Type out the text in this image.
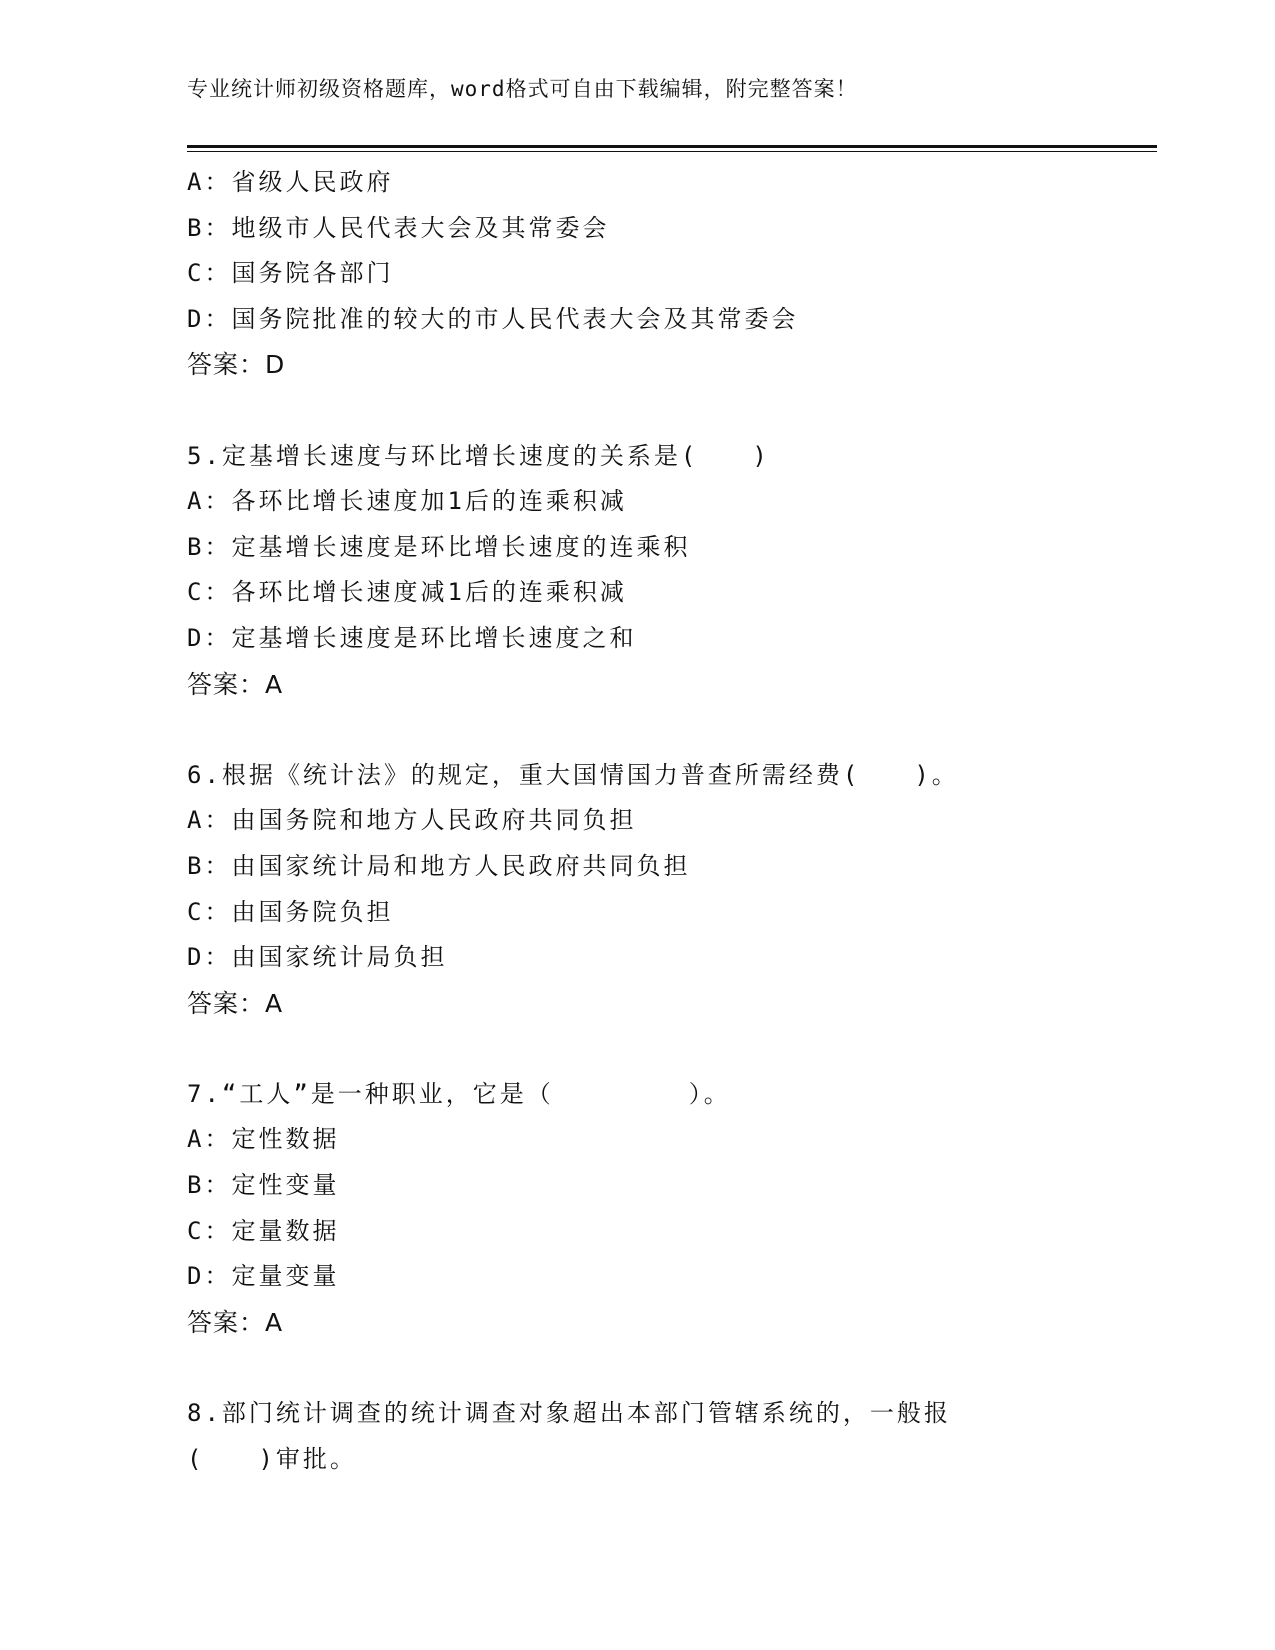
专业统计师初级资格题库，word格式可自由下载编辑，附完整答案！
A：省级人民政府
B：地级市人民代表大会及其常委会
C：国务院各部门
D：国务院批准的较大的市人民代表大会及其常委会
答案：D
5.定基增长速度与环比增长速度的关系是(　　)
A：各环比增长速度加1后的连乘积减
B：定基增长速度是环比增长速度的连乘积
C：各环比增长速度减1后的连乘积减
D：定基增长速度是环比增长速度之和
答案：A
6.根据《统计法》的规定，重大国情国力普查所需经费(　　)。
A：由国务院和地方人民政府共同负担
B：由国家统计局和地方人民政府共同负担
C：由国务院负担
D：由国家统计局负担
答案：A
7.“工人”是一种职业，它是（　　　　　）。
A：定性数据
B：定性变量
C：定量数据
D：定量变量
答案：A
8.部门统计调查的统计调查对象超出本部门管辖系统的，一般报
(　　)审批。
